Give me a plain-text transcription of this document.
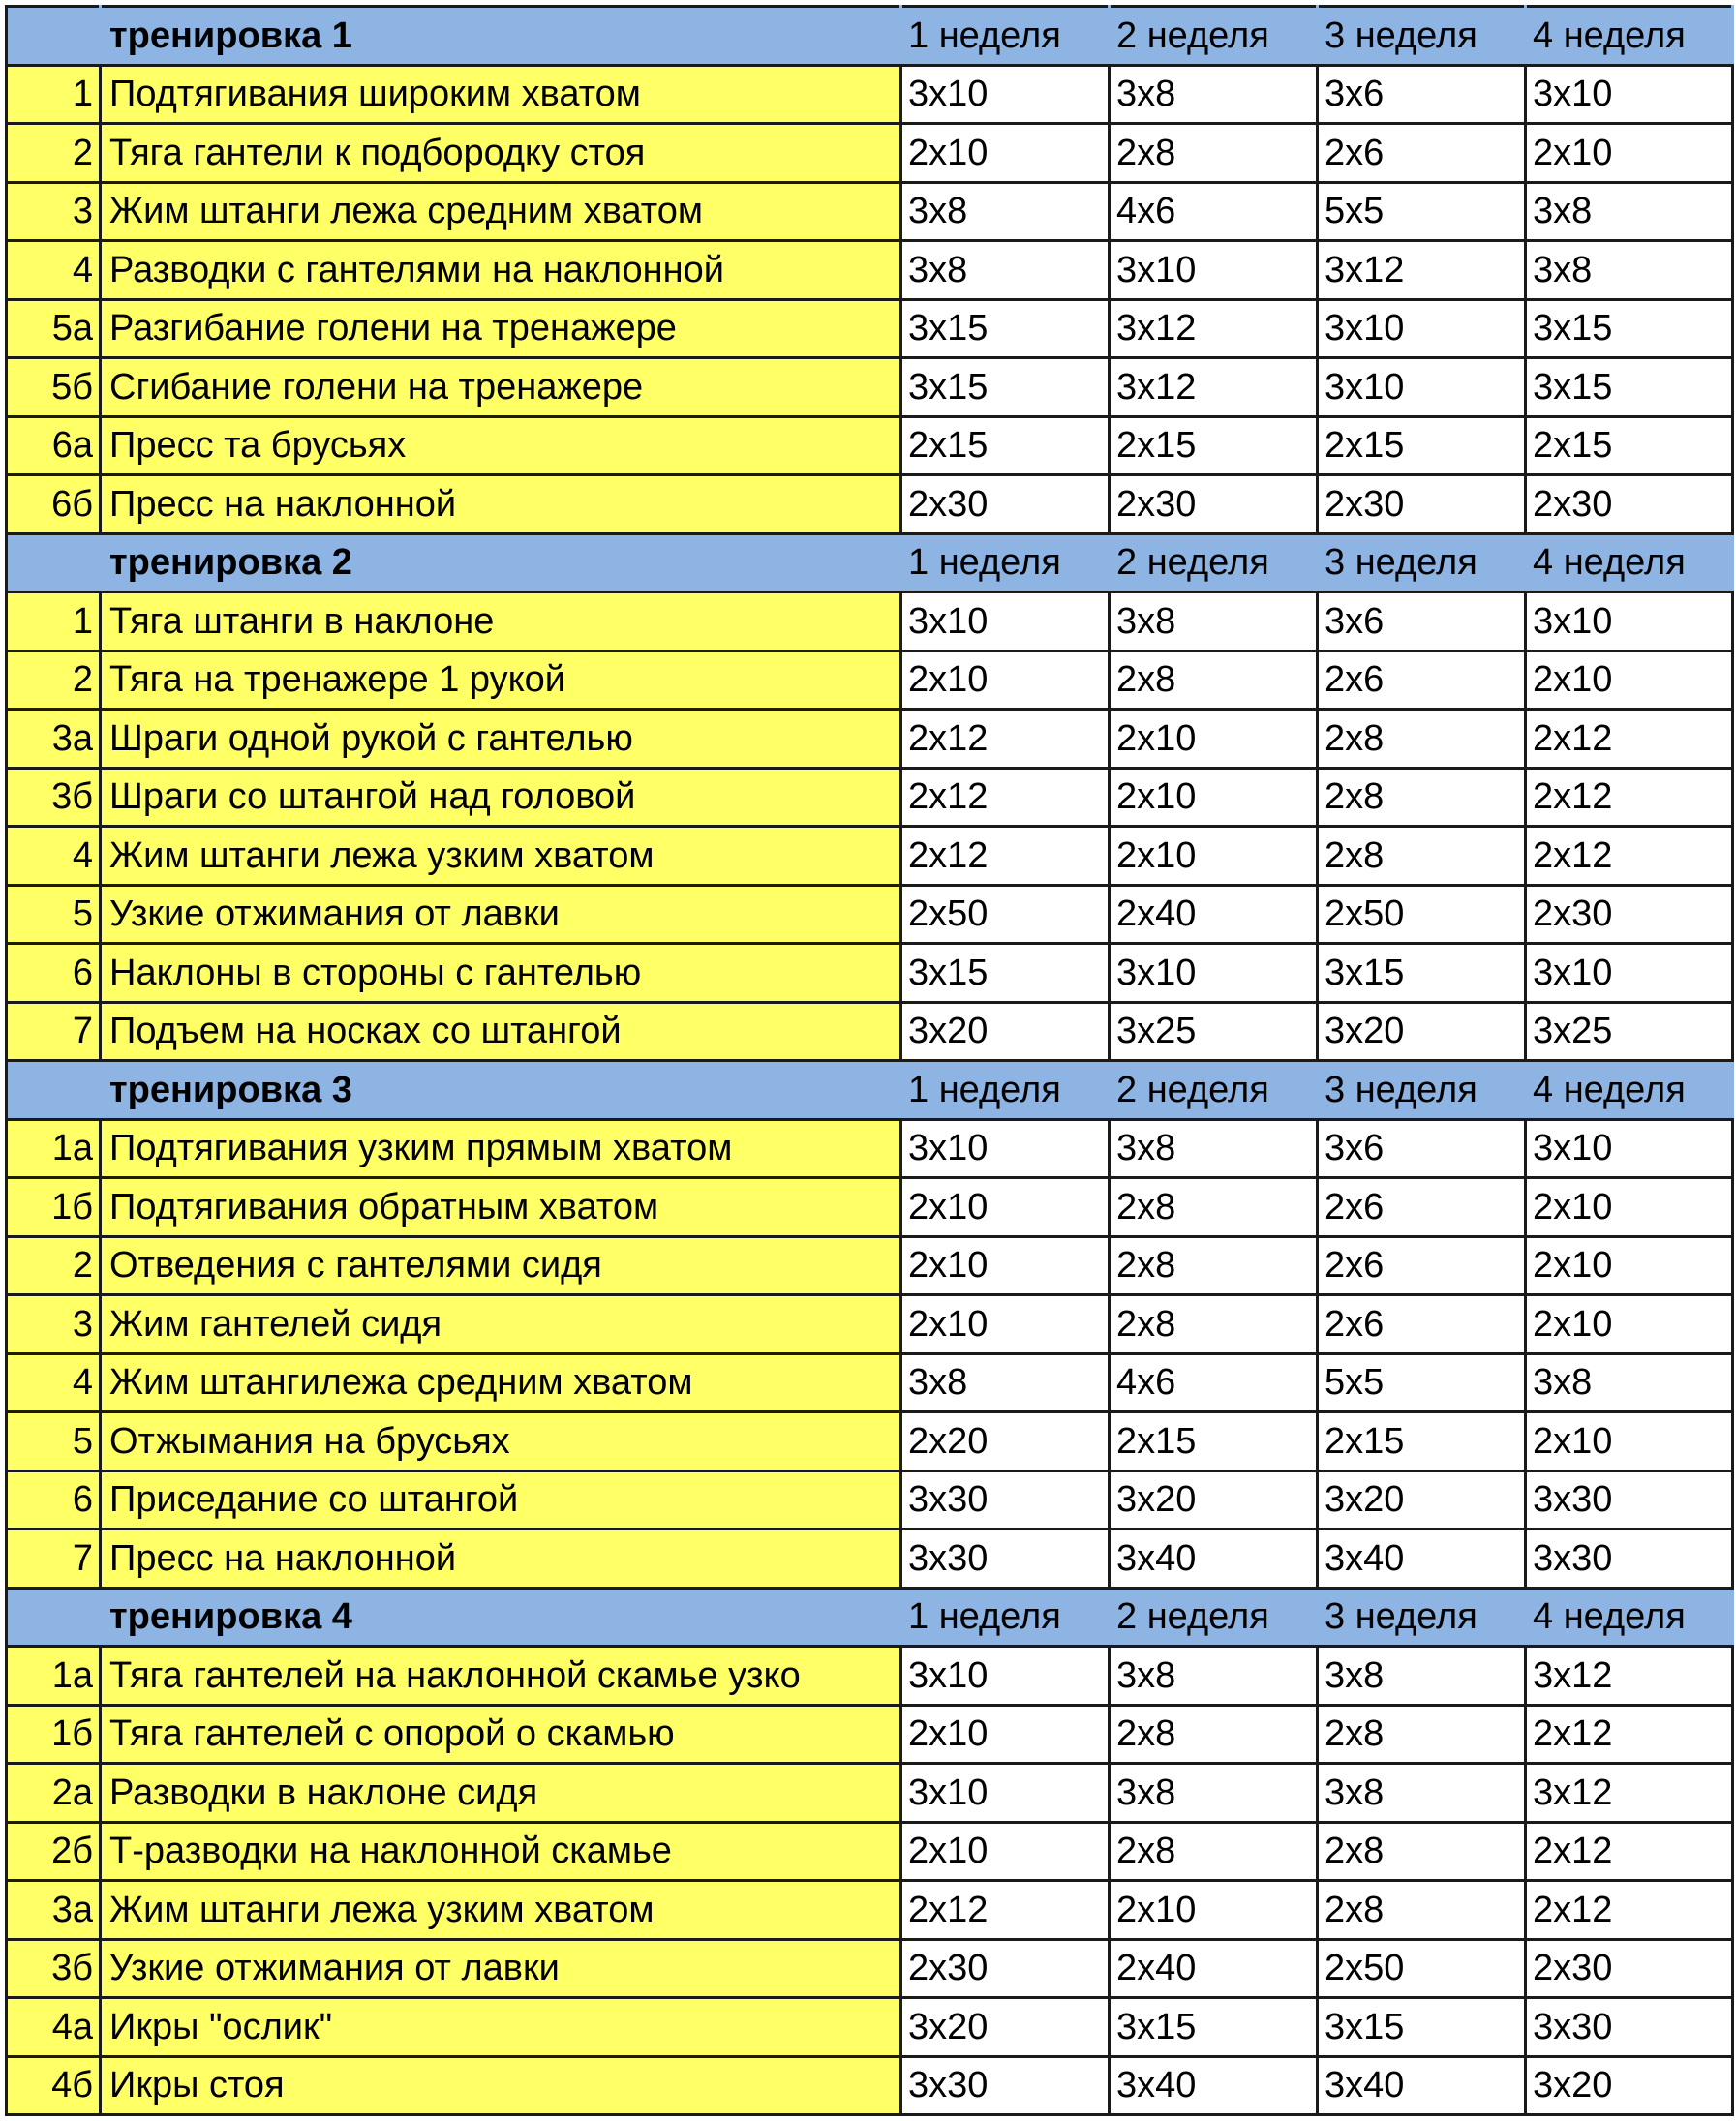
	тренировка 1	1 неделя	2 неделя	3 неделя	4 неделя
1	Подтягивания широким хватом	3x10	3x8	3x6	3x10
2	Тяга гантели к подбородку стоя	2x10	2x8	2x6	2x10
3	Жим штанги лежа средним хватом	3x8	4x6	5x5	3x8
4	Разводки с гантелями на наклонной	3x8	3x10	3x12	3x8
5а	Разгибание голени на тренажере	3x15	3x12	3x10	3x15
5б	Сгибание голени на тренажере	3x15	3x12	3x10	3x15
6а	Пресс та брусьях	2x15	2x15	2x15	2x15
6б	Пресс на наклонной	2x30	2x30	2x30	2x30
	тренировка 2	1 неделя	2 неделя	3 неделя	4 неделя
1	Тяга штанги в наклоне	3x10	3x8	3x6	3x10
2	Тяга на тренажере 1 рукой	2x10	2x8	2x6	2x10
3а	Шраги одной рукой с гантелью	2x12	2x10	2x8	2x12
3б	Шраги со штангой над головой	2x12	2x10	2x8	2x12
4	Жим штанги лежа узким хватом	2x12	2x10	2x8	2x12
5	Узкие отжимания от лавки	2x50	2x40	2x50	2x30
6	Наклоны в стороны с гантелью	3x15	3x10	3x15	3x10
7	Подъем на носках со штангой	3x20	3x25	3x20	3x25
	тренировка 3	1 неделя	2 неделя	3 неделя	4 неделя
1а	Подтягивания узким прямым хватом	3x10	3x8	3x6	3x10
1б	Подтягивания обратным хватом	2x10	2x8	2x6	2x10
2	Отведения с гантелями сидя	2x10	2x8	2x6	2x10
3	Жим гантелей сидя	2x10	2x8	2x6	2x10
4	Жим штангилежа средним хватом	3x8	4x6	5x5	3x8
5	Отжымания на брусьях	2x20	2x15	2x15	2x10
6	Приседание со штангой	3x30	3x20	3x20	3x30
7	Пресс на наклонной	3x30	3x40	3x40	3x30
	тренировка 4	1 неделя	2 неделя	3 неделя	4 неделя
1а	Тяга гантелей на наклонной скамье узко	3x10	3x8	3x8	3x12
1б	Тяга гантелей с опорой о скамью	2x10	2x8	2x8	2x12
2а	Разводки в наклоне сидя	3x10	3x8	3x8	3x12
2б	Т-разводки на наклонной скамье	2x10	2x8	2x8	2x12
3а	Жим штанги лежа узким хватом	2x12	2x10	2x8	2x12
3б	Узкие отжимания от лавки	2x30	2x40	2x50	2x30
4а	Икры "ослик"	3x20	3x15	3x15	3x30
4б	Икры стоя	3x30	3x40	3x40	3x20
